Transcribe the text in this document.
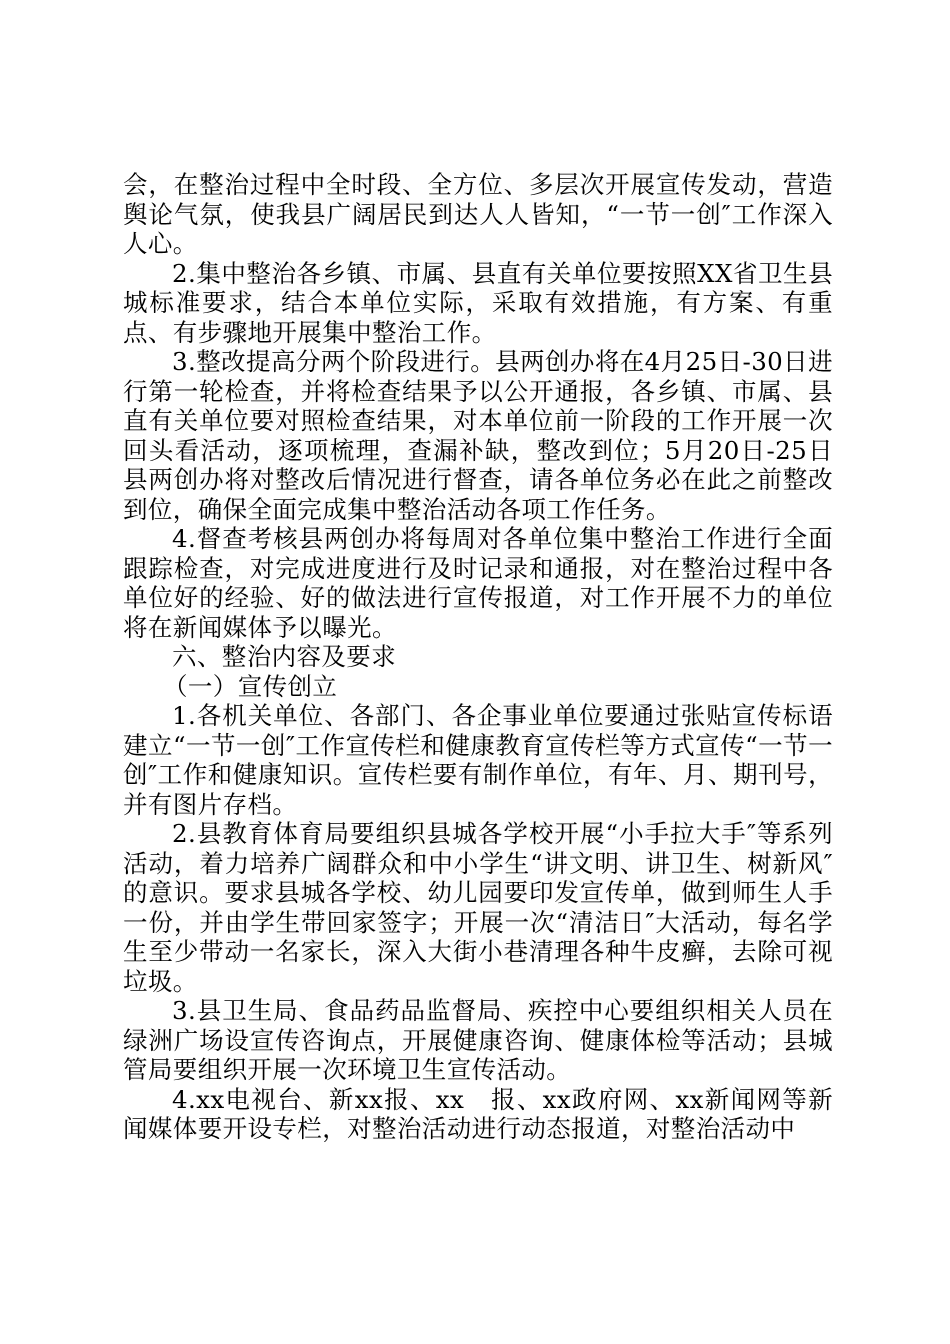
会，在整治过程中全时段、全方位、多层次开展宣传发动，营造舆论气氛，使我县广阔居民到达人人皆知，“一节一创″工作深入人心。

2.集中整治各乡镇、市属、县直有关单位要按照XX省卫生县城标准要求，结合本单位实际，采取有效措施，有方案、有重点、有步骤地开展集中整治工作。

3.整改提高分两个阶段进行。县两创办将在4月25日-30日进行第一轮检查，并将检查结果予以公开通报，各乡镇、市属、县直有关单位要对照检查结果，对本单位前一阶段的工作开展一次回头看活动，逐项梳理，查漏补缺，整改到位；5月20日-25日县两创办将对整改后情况进行督查，请各单位务必在此之前整改到位，确保全面完成集中整治活动各项工作任务。

4.督查考核县两创办将每周对各单位集中整治工作进行全面跟踪检查，对完成进度进行及时记录和通报，对在整治过程中各单位好的经验、好的做法进行宣传报道，对工作开展不力的单位将在新闻媒体予以曝光。

六、整治内容及要求

（一）宣传创立

1.各机关单位、各部门、各企事业单位要通过张贴宣传标语建立“一节一创″工作宣传栏和健康教育宣传栏等方式宣传“一节一创″工作和健康知识。宣传栏要有制作单位，有年、月、期刊号，并有图片存档。

2.县教育体育局要组织县城各学校开展“小手拉大手″等系列活动，着力培养广阔群众和中小学生“讲文明、讲卫生、树新风″的意识。要求县城各学校、幼儿园要印发宣传单，做到师生人手一份，并由学生带回家签字；开展一次“清洁日″大活动，每名学生至少带动一名家长，深入大街小巷清理各种牛皮癣，去除可视垃圾。

3.县卫生局、食品药品监督局、疾控中心要组织相关人员在绿洲广场设宣传咨询点，开展健康咨询、健康体检等活动；县城管局要组织开展一次环境卫生宣传活动。

4.xx电视台、新xx报、xx　报、xx政府网、xx新闻网等新闻媒体要开设专栏，对整治活动进行动态报道，对整治活动中
